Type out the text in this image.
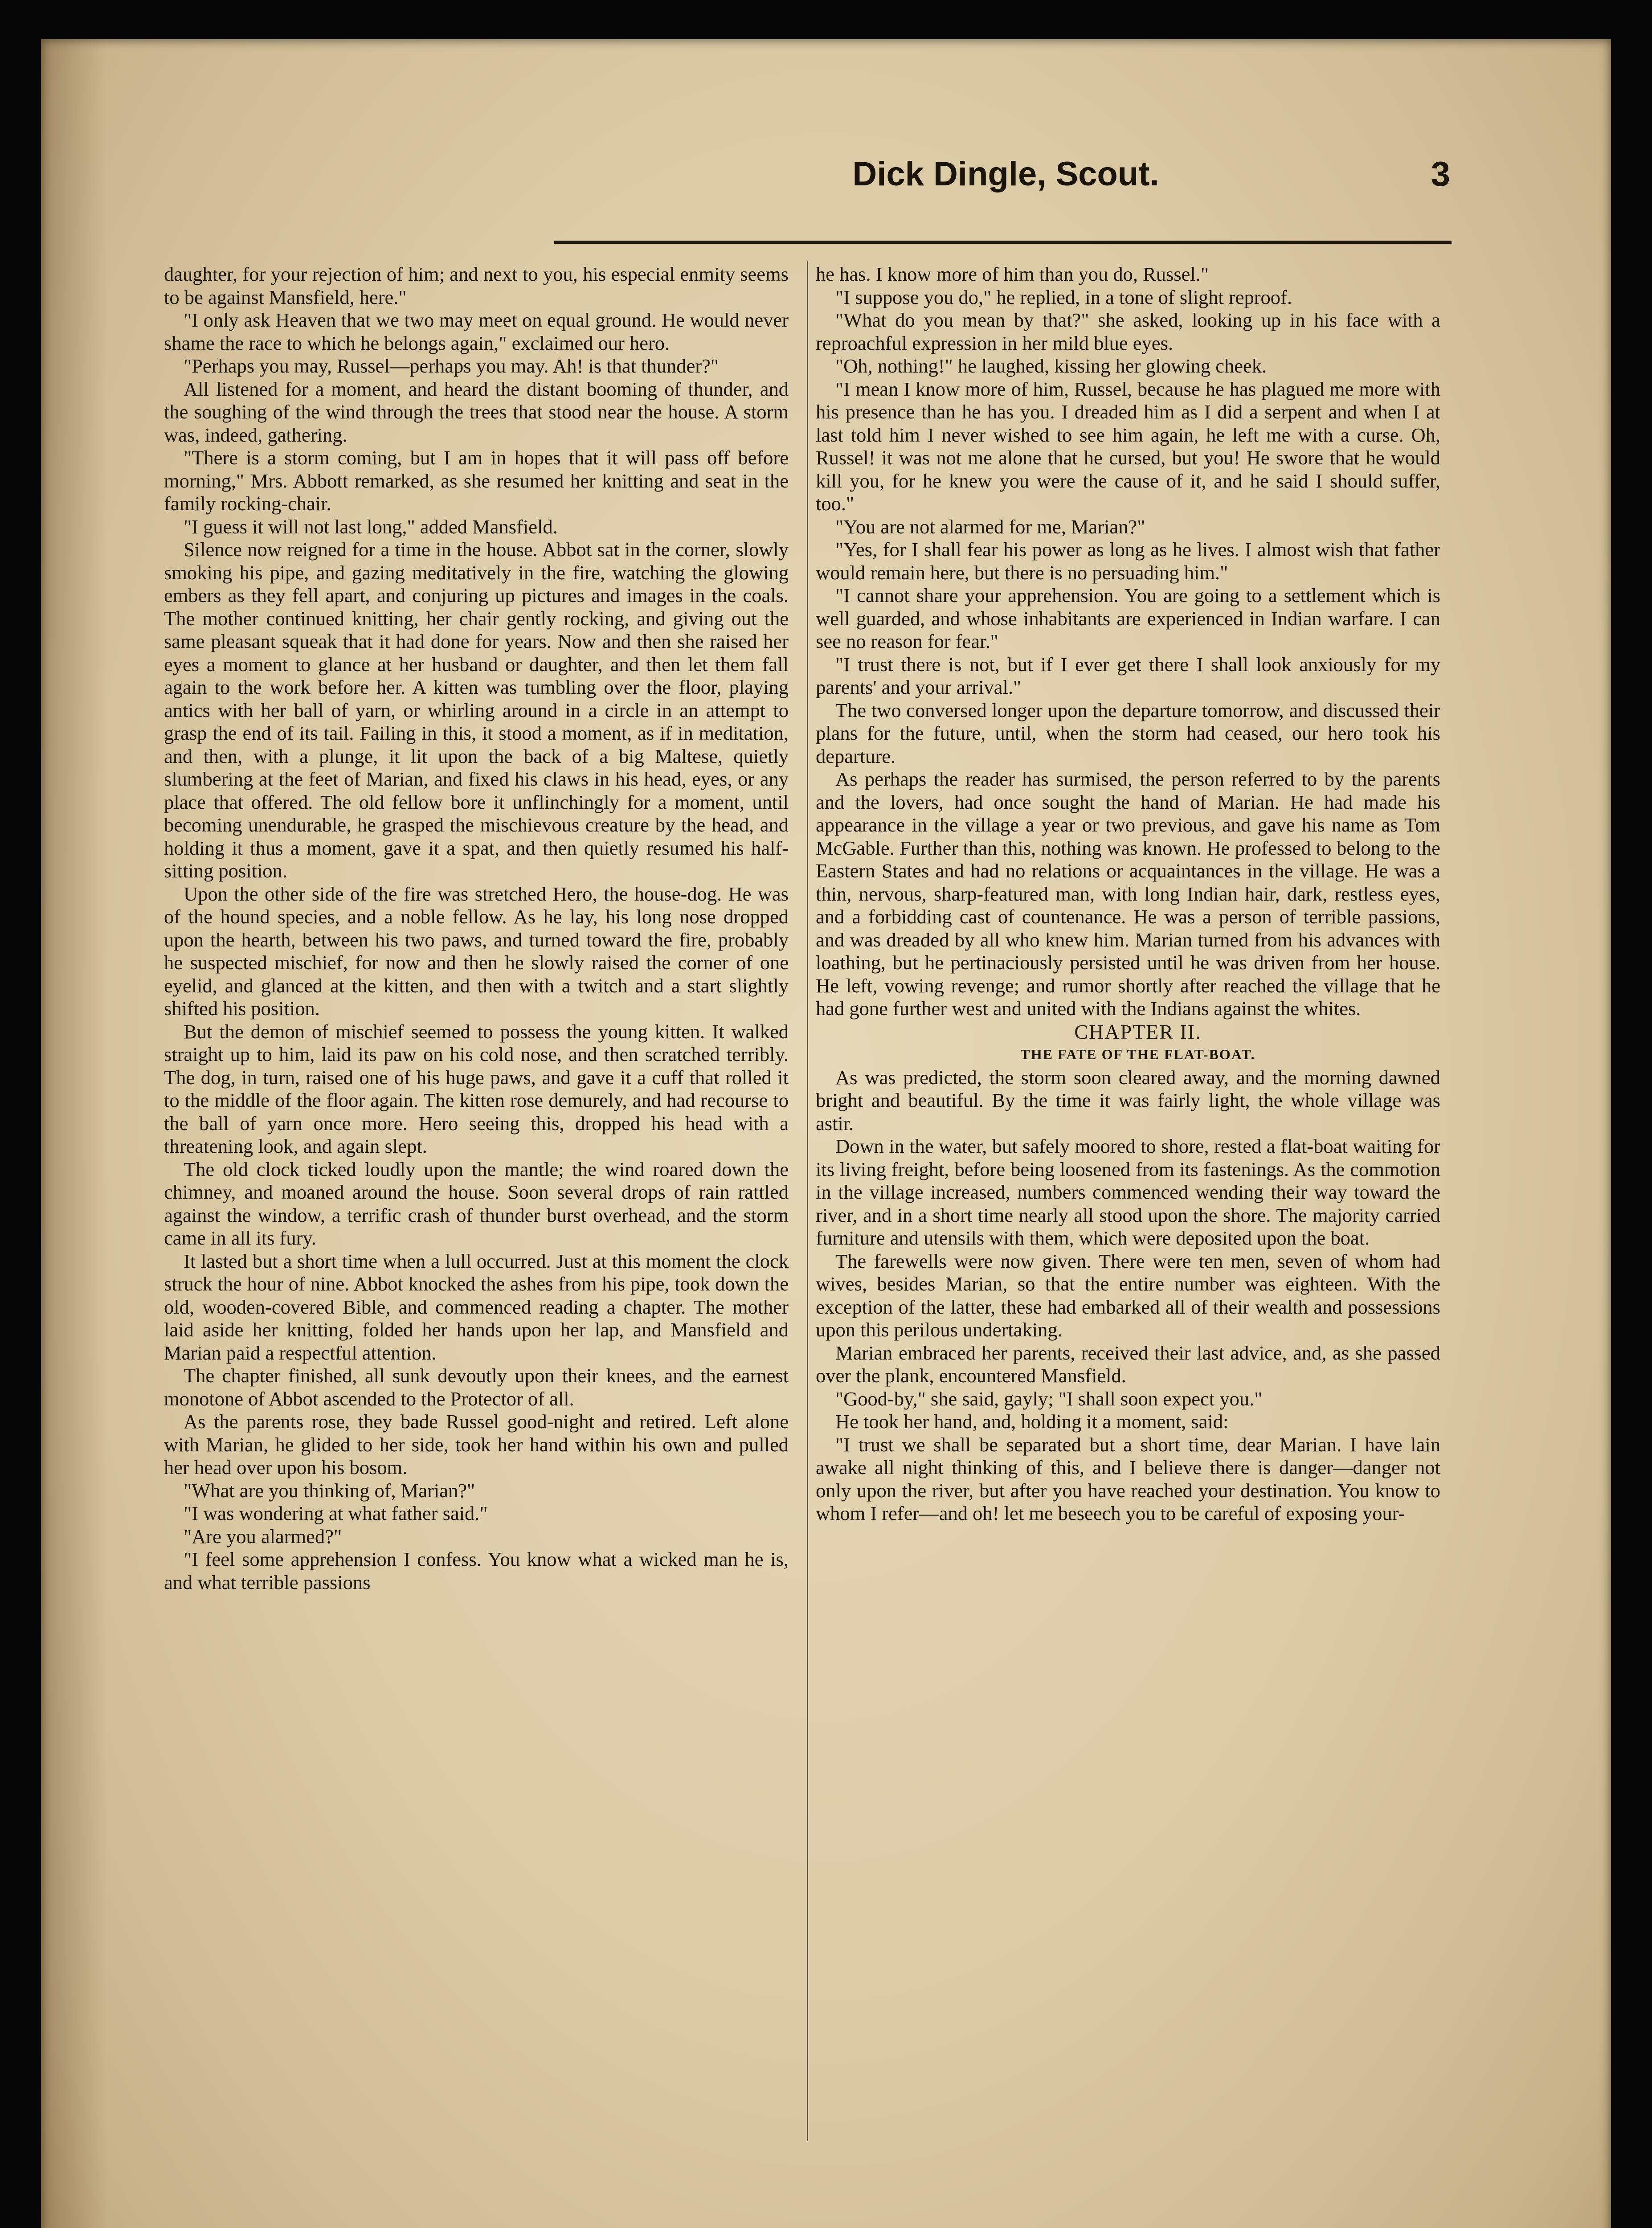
Dick Dingle, Scout.	3

daughter, for your rejection of him; and next to you, his especial enmity seems to be against Mansfield, here."

"I only ask Heaven that we two may meet on equal ground. He would never shame the race to which he belongs again," exclaimed our hero.

"Perhaps you may, Russel—perhaps you may. Ah! is that thunder?"

All listened for a moment, and heard the distant booming of thunder, and the soughing of the wind through the trees that stood near the house. A storm was, indeed, gathering.

"There is a storm coming, but I am in hopes that it will pass off before morning," Mrs. Abbott remarked, as she resumed her knitting and seat in the family rocking-chair.

"I guess it will not last long," added Mansfield.

Silence now reigned for a time in the house. Abbot sat in the corner, slowly smoking his pipe, and gazing meditatively in the fire, watching the glowing embers as they fell apart, and conjuring up pictures and images in the coals. The mother continued knitting, her chair gently rocking, and giving out the same pleasant squeak that it had done for years. Now and then she raised her eyes a moment to glance at her husband or daughter, and then let them fall again to the work before her. A kitten was tumbling over the floor, playing antics with her ball of yarn, or whirling around in a circle in an attempt to grasp the end of its tail. Failing in this, it stood a moment, as if in meditation, and then, with a plunge, it lit upon the back of a big Maltese, quietly slumbering at the feet of Marian, and fixed his claws in his head, eyes, or any place that offered. The old fellow bore it unflinchingly for a moment, until becoming unendurable, he grasped the mischievous creature by the head, and holding it thus a moment, gave it a spat, and then quietly resumed his half-sitting position.

Upon the other side of the fire was stretched Hero, the house-dog. He was of the hound species, and a noble fellow. As he lay, his long nose dropped upon the hearth, between his two paws, and turned toward the fire, probably he suspected mischief, for now and then he slowly raised the corner of one eyelid, and glanced at the kitten, and then with a twitch and a start slightly shifted his position.

But the demon of mischief seemed to possess the young kitten. It walked straight up to him, laid its paw on his cold nose, and then scratched terribly. The dog, in turn, raised one of his huge paws, and gave it a cuff that rolled it to the middle of the floor again. The kitten rose demurely, and had recourse to the ball of yarn once more. Hero seeing this, dropped his head with a threatening look, and again slept.

The old clock ticked loudly upon the mantle; the wind roared down the chimney, and moaned around the house. Soon several drops of rain rattled against the window, a terrific crash of thunder burst overhead, and the storm came in all its fury.

It lasted but a short time when a lull occurred. Just at this moment the clock struck the hour of nine. Abbot knocked the ashes from his pipe, took down the old, wooden-covered Bible, and commenced reading a chapter. The mother laid aside her knitting, folded her hands upon her lap, and Mansfield and Marian paid a respectful attention.

The chapter finished, all sunk devoutly upon their knees, and the earnest monotone of Abbot ascended to the Protector of all.

As the parents rose, they bade Russel good-night and retired. Left alone with Marian, he glided to her side, took her hand within his own and pulled her head over upon his bosom.

"What are you thinking of, Marian?"

"I was wondering at what father said."

"Are you alarmed?"

"I feel some apprehension I confess. You know what a wicked man he is, and what terrible passions

he has. I know more of him than you do, Russel."

"I suppose you do," he replied, in a tone of slight reproof.

"What do you mean by that?" she asked, looking up in his face with a reproachful expression in her mild blue eyes.

"Oh, nothing!" he laughed, kissing her glowing cheek.

"I mean I know more of him, Russel, because he has plagued me more with his presence than he has you. I dreaded him as I did a serpent and when I at last told him I never wished to see him again, he left me with a curse. Oh, Russel! it was not me alone that he cursed, but you! He swore that he would kill you, for he knew you were the cause of it, and he said I should suffer, too."

"You are not alarmed for me, Marian?"

"Yes, for I shall fear his power as long as he lives. I almost wish that father would remain here, but there is no persuading him."

"I cannot share your apprehension. You are going to a settlement which is well guarded, and whose inhabitants are experienced in Indian warfare. I can see no reason for fear."

"I trust there is not, but if I ever get there I shall look anxiously for my parents' and your arrival."

The two conversed longer upon the departure tomorrow, and discussed their plans for the future, until, when the storm had ceased, our hero took his departure.

As perhaps the reader has surmised, the person referred to by the parents and the lovers, had once sought the hand of Marian. He had made his appearance in the village a year or two previous, and gave his name as Tom McGable. Further than this, nothing was known. He professed to belong to the Eastern States and had no relations or acquaintances in the village. He was a thin, nervous, sharp-featured man, with long Indian hair, dark, restless eyes, and a forbidding cast of countenance. He was a person of terrible passions, and was dreaded by all who knew him. Marian turned from his advances with loathing, but he pertinaciously persisted until he was driven from her house. He left, vowing revenge; and rumor shortly after reached the village that he had gone further west and united with the Indians against the whites.

CHAPTER II.

THE FATE OF THE FLAT-BOAT.

As was predicted, the storm soon cleared away, and the morning dawned bright and beautiful. By the time it was fairly light, the whole village was astir.

Down in the water, but safely moored to shore, rested a flat-boat waiting for its living freight, before being loosened from its fastenings. As the commotion in the village increased, numbers commenced wending their way toward the river, and in a short time nearly all stood upon the shore. The majority carried furniture and utensils with them, which were deposited upon the boat.

The farewells were now given. There were ten men, seven of whom had wives, besides Marian, so that the entire number was eighteen. With the exception of the latter, these had embarked all of their wealth and possessions upon this perilous undertaking.

Marian embraced her parents, received their last advice, and, as she passed over the plank, encountered Mansfield.

"Good-by," she said, gayly; "I shall soon expect you."

He took her hand, and, holding it a moment, said:

"I trust we shall be separated but a short time, dear Marian. I have lain awake all night thinking of this, and I believe there is danger—danger not only upon the river, but after you have reached your destination. You know to whom I refer—and oh! let me beseech you to be careful of exposing your-
